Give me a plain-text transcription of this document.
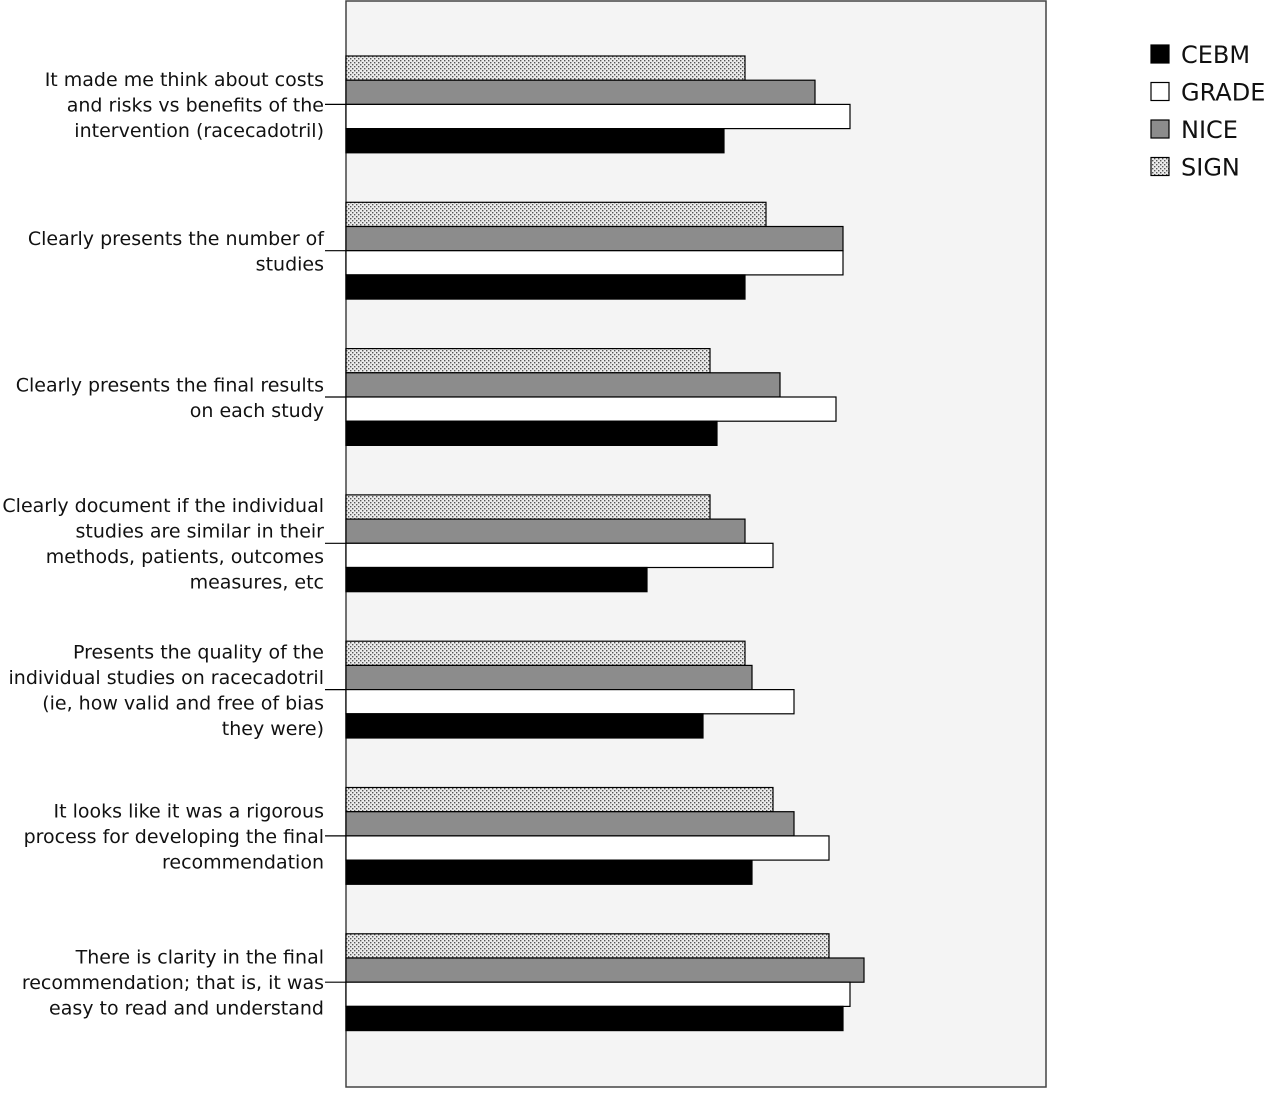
It made me think about costs
and risks vs benefits of the
intervention (racecadotril)
Clearly presents the number of
studies
Clearly presents the final results
on each study
Clearly document if the individual
studies are similar in their
methods, patients, outcomes
measures, etc
Presents the quality of the
individual studies on racecadotril
(ie, how valid and free of bias
they were)
It looks like it was a rigorous
process for developing the final
recommendation
There is clarity in the final
recommendation; that is, it was
easy to read and understand
CEBM
GRADE
NICE
SIGN
